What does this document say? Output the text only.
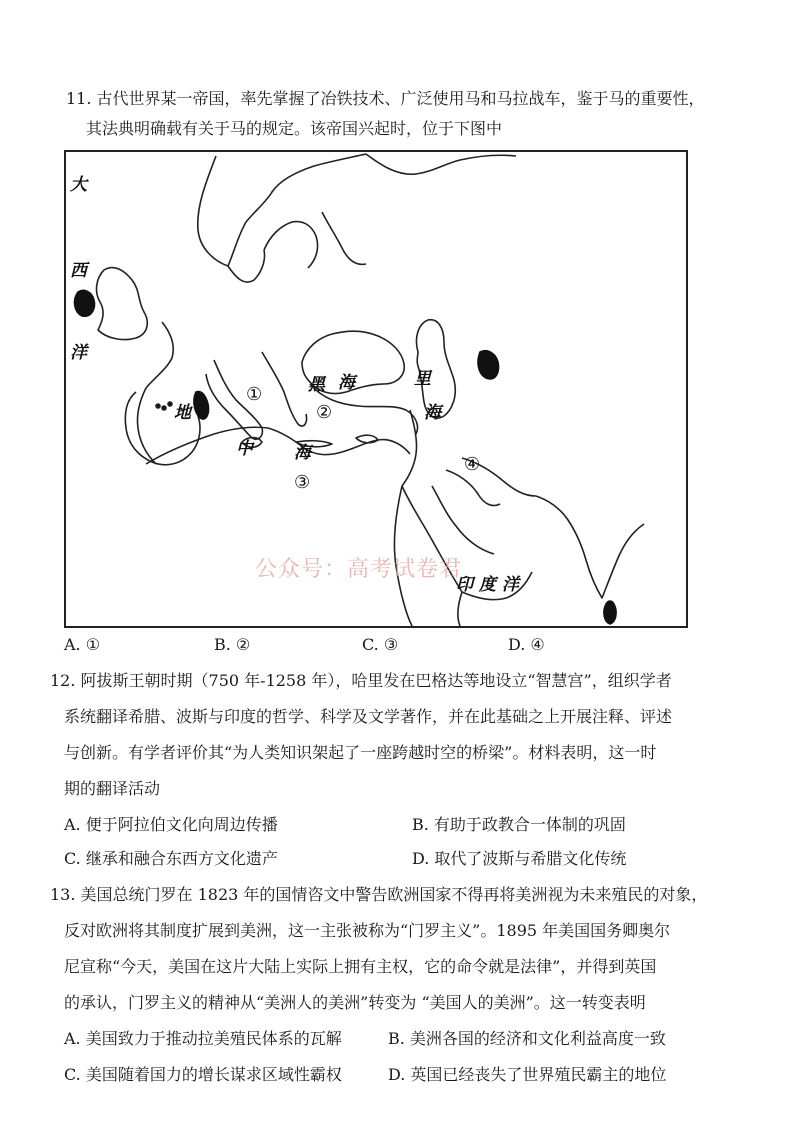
11. 古代世界某一帝国，率先掌握了冶铁技术、广泛使用马和马拉战车，鉴于马的重要性，
其法典明确载有关于马的规定。该帝国兴起时，位于下图中
大
西
洋
地
中 海
黑 海	里
海
印 度 洋
①
②
③
④
公众号：高考试卷君
A. ①	B. ②	C. ③	D. ④
12. 阿拔斯王朝时期（750 年-1258 年），哈里发在巴格达等地设立“智慧宫”，组织学者
系统翻译希腊、波斯与印度的哲学、科学及文学著作，并在此基础之上开展注释、评述
与创新。有学者评价其“为人类知识架起了一座跨越时空的桥梁”。材料表明，这一时
期的翻译活动
A. 便于阿拉伯文化向周边传播	B. 有助于政教合一体制的巩固
C. 继承和融合东西方文化遗产	D. 取代了波斯与希腊文化传统
13. 美国总统门罗在 1823 年的国情咨文中警告欧洲国家不得再将美洲视为未来殖民的对象，
反对欧洲将其制度扩展到美洲，这一主张被称为“门罗主义”。1895 年美国国务卿奥尔
尼宣称“今天，美国在这片大陆上实际上拥有主权，它的命令就是法律”，并得到英国
的承认，门罗主义的精神从“美洲人的美洲”转变为 “美国人的美洲”。这一转变表明
A. 美国致力于推动拉美殖民体系的瓦解	B. 美洲各国的经济和文化利益高度一致
C. 美国随着国力的增长谋求区域性霸权	D. 英国已经丧失了世界殖民霸主的地位
